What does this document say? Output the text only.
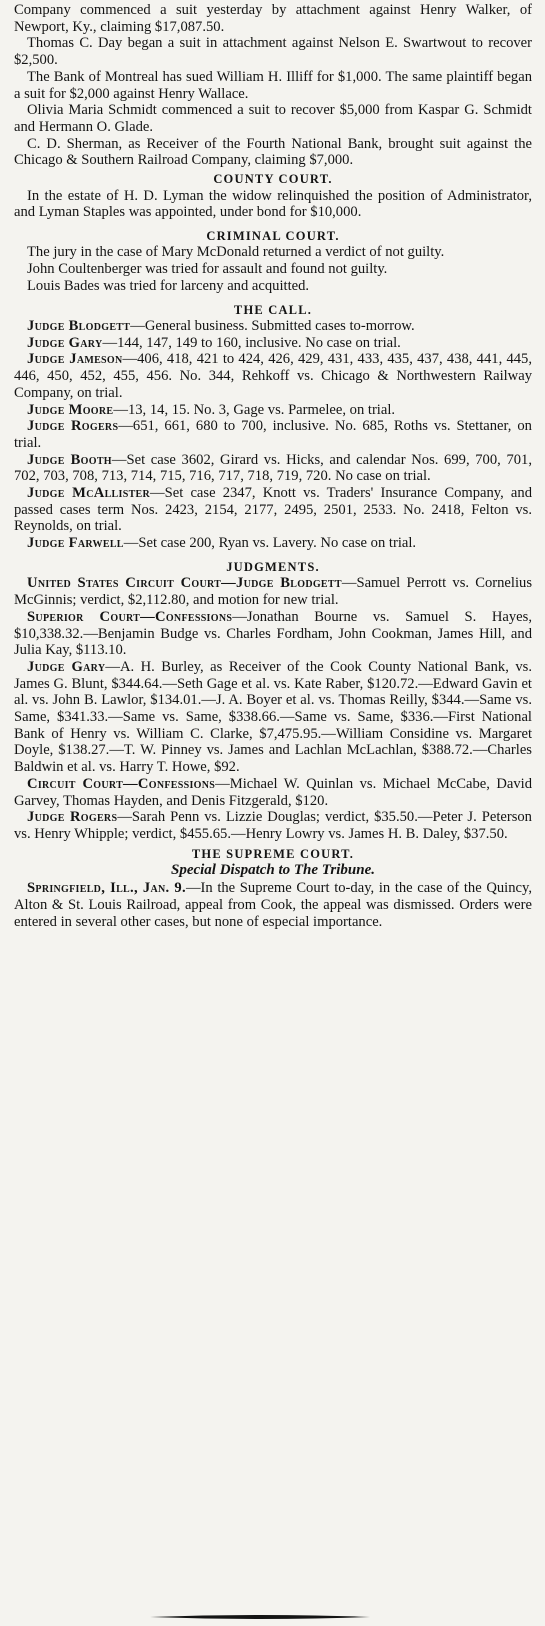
Company commenced a suit yesterday by attachment against Henry Walker, of Newport, Ky., claiming $17,087.50.

Thomas C. Day began a suit in attachment against Nelson E. Swartwout to recover $2,500.

The Bank of Montreal has sued William H. Illiff for $1,000. The same plaintiff began a suit for $2,000 against Henry Wallace.

Olivia Maria Schmidt commenced a suit to recover $5,000 from Kaspar G. Schmidt and Hermann O. Glade.

C. D. Sherman, as Receiver of the Fourth National Bank, brought suit against the Chicago & Southern Railroad Company, claiming $7,000.

COUNTY COURT.

In the estate of H. D. Lyman the widow relinquished the position of Administrator, and Lyman Staples was appointed, under bond for $10,000.

CRIMINAL COURT.

The jury in the case of Mary McDonald returned a verdict of not guilty.

John Coultenberger was tried for assault and found not guilty.

Louis Bades was tried for larceny and acquitted.

THE CALL.

Judge Blodgett—General business. Submitted cases to-morrow.

Judge Gary—144, 147, 149 to 160, inclusive. No case on trial.

Judge Jameson—406, 418, 421 to 424, 426, 429, 431, 433, 435, 437, 438, 441, 445, 446, 450, 452, 455, 456. No. 344, Rehkoff vs. Chicago & Northwestern Railway Company, on trial.

Judge Moore—13, 14, 15. No. 3, Gage vs. Parmelee, on trial.

Judge Rogers—651, 661, 680 to 700, inclusive. No. 685, Roths vs. Stettaner, on trial.

Judge Booth—Set case 3602, Girard vs. Hicks, and calendar Nos. 699, 700, 701, 702, 703, 708, 713, 714, 715, 716, 717, 718, 719, 720. No case on trial.

Judge McAllister—Set case 2347, Knott vs. Traders' Insurance Company, and passed cases term Nos. 2423, 2154, 2177, 2495, 2501, 2533. No. 2418, Felton vs. Reynolds, on trial.

Judge Farwell—Set case 200, Ryan vs. Lavery. No case on trial.

JUDGMENTS.

United States Circuit Court—Judge Blodgett—Samuel Perrott vs. Cornelius McGinnis; verdict, $2,112.80, and motion for new trial.

Superior Court—Confessions—Jonathan Bourne vs. Samuel S. Hayes, $10,338.32.—Benjamin Budge vs. Charles Fordham, John Cookman, James Hill, and Julia Kay, $113.10.

Judge Gary—A. H. Burley, as Receiver of the Cook County National Bank, vs. James G. Blunt, $344.64.—Seth Gage et al. vs. Kate Raber, $120.72.—Edward Gavin et al. vs. John B. Lawlor, $134.01.—J. A. Boyer et al. vs. Thomas Reilly, $344.—Same vs. Same, $341.33.—Same vs. Same, $338.66.—Same vs. Same, $336.—First National Bank of Henry vs. William C. Clarke, $7,475.95.—William Considine vs. Margaret Doyle, $138.27.—T. W. Pinney vs. James and Lachlan McLachlan, $388.72.—Charles Baldwin et al. vs. Harry T. Howe, $92.

Circuit Court—Confessions—Michael W. Quinlan vs. Michael McCabe, David Garvey, Thomas Hayden, and Denis Fitzgerald, $120.

Judge Rogers—Sarah Penn vs. Lizzie Douglas; verdict, $35.50.—Peter J. Peterson vs. Henry Whipple; verdict, $455.65.—Henry Lowry vs. James H. B. Daley, $37.50.

THE SUPREME COURT.
Special Dispatch to The Tribune.

Springfield, Ill., Jan. 9.—In the Supreme Court to-day, in the case of the Quincy, Alton & St. Louis Railroad, appeal from Cook, the appeal was dismissed. Orders were entered in several other cases, but none of especial importance.
